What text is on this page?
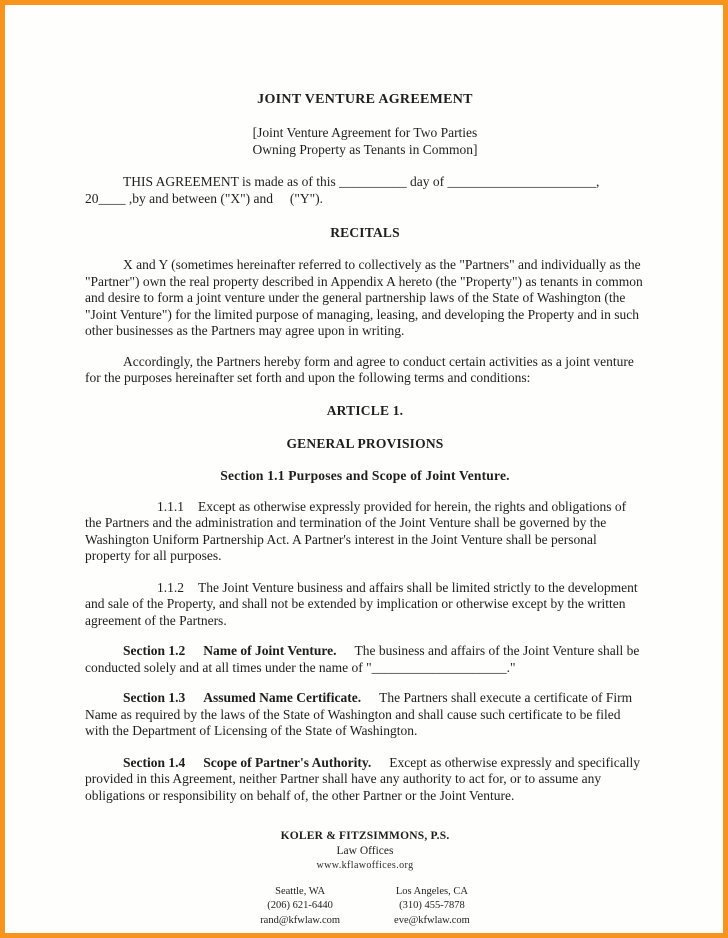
JOINT VENTURE AGREEMENT
[Joint Venture Agreement for Two Parties
Owning Property as Tenants in Common]

THIS AGREEMENT is made as of this __________ day of ______________________,
20____ ,by and between ("X") and     ("Y").

RECITALS

X and Y (sometimes hereinafter referred to collectively as the "Partners" and individually as the "Partner") own the real property described in Appendix A hereto (the "Property") as tenants in common and desire to form a joint venture under the general partnership laws of the State of Washington (the "Joint Venture") for the limited purpose of managing, leasing, and developing the Property and in such other businesses as the Partners may agree upon in writing.

Accordingly, the Partners hereby form and agree to conduct certain activities as a joint venture for the purposes hereinafter set forth and upon the following terms and conditions:

ARTICLE 1.
GENERAL PROVISIONS
Section 1.1 Purposes and Scope of Joint Venture.

1.1.1 Except as otherwise expressly provided for herein, the rights and obligations of the Partners and the administration and termination of the Joint Venture shall be governed by the Washington Uniform Partnership Act. A Partner's interest in the Joint Venture shall be personal property for all purposes.

1.1.2 The Joint Venture business and affairs shall be limited strictly to the development and sale of the Property, and shall not be extended by implication or otherwise except by the written agreement of the Partners.

Section 1.2 Name of Joint Venture. The business and affairs of the Joint Venture shall be conducted solely and at all times under the name of "____________________."

Section 1.3 Assumed Name Certificate. The Partners shall execute a certificate of Firm Name as required by the laws of the State of Washington and shall cause such certificate to be filed with the Department of Licensing of the State of Washington.

Section 1.4 Scope of Partner's Authority. Except as otherwise expressly and specifically provided in this Agreement, neither Partner shall have any authority to act for, or to assume any obligations or responsibility on behalf of, the other Partner or the Joint Venture.

KOLER & FITZSIMMONS, P.S.
Law Offices
www.kflawoffices.org
Seattle, WA
(206) 621-6440
rand@kfwlaw.com
Los Angeles, CA
(310) 455-7878
eve@kfwlaw.com
